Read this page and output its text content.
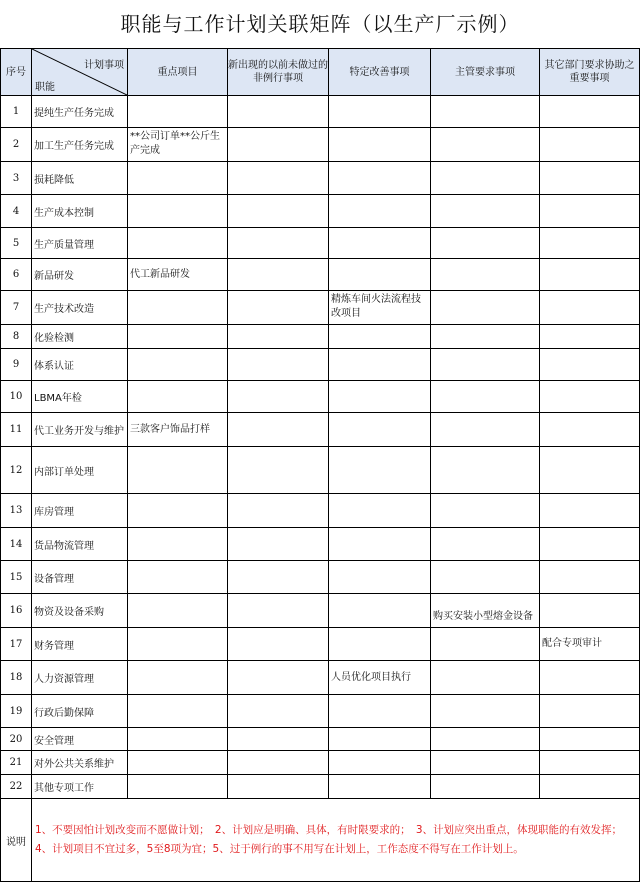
职能与工作计划关联矩阵（以生产厂示例）
序号	计划事项
职能	重点项目	新出现的以前未做过的非例行事项	特定改善事项	主管要求事项	其它部门要求协助之重要事项
1	提纯生产任务完成					
2	加工生产任务完成	**公司订单**公斤生产完成				
3	损耗降低					
4	生产成本控制					
5	生产质量管理					
6	新品研发	代工新品研发				
7	生产技术改造			精炼车间火法流程技改项目		
8	化验检测					
9	体系认证					
10	LBMA年检					
11	代工业务开发与维护	三款客户饰品打样				
12	内部订单处理					
13	库房管理					
14	货品物流管理					
15	设备管理					
16	物资及设备采购				购买安装小型熔金设备	
17	财务管理					配合专项审计
18	人力资源管理			人员优化项目执行		
19	行政后勤保障					
20	安全管理					
21	对外公共关系维护					
22	其他专项工作					
说明	1、不要因怕计划改变而不愿做计划；　2、计划应是明确、具体，有时限要求的；　3、计划应突出重点，体现职能的有效发挥；　4、计划项目不宜过多，5至8项为宜；5、过于例行的事不用写在计划上，工作态度不得写在工作计划上。					
